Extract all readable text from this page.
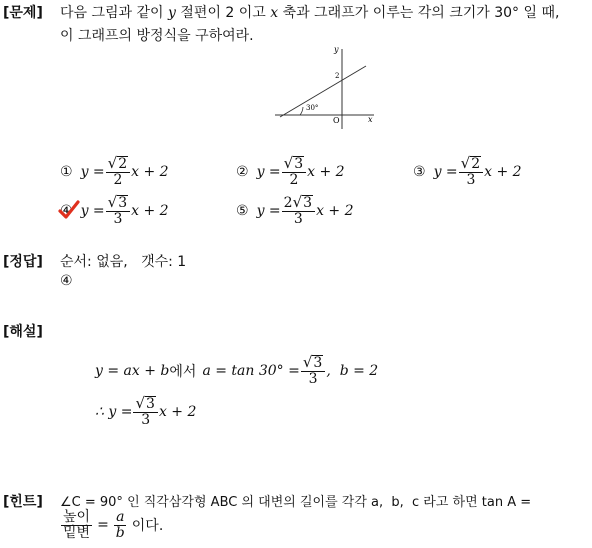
[문제] 다음 그림과 같이 y 절편이 2 이고 x 축과 그래프가 이루는 각의 크기가 30° 일 때,
이 그래프의 방정식을 구하여라.
y
x
O
2
30°
① $y = \frac{√ 2}{2}$ x + 2	② $y = \frac{√ 3}{2}$ x + 2	③ $y = \frac{√ 2}{3}$ x + 2
④ $y = \frac{√ 3}{3}$ x + 2	⑤ $y = \frac{2 √ 3}{3}$ x + 2
[정답] 순서: 없음,   갯수: 1
④
[해설]
y = ax + b 에서 $a = \tan 30^\circ = \frac{√ 3}{3}$ ,  b = 2
∴ $y = \frac{√ 3}{3}$ x + 2
[힌트] ∠C = 90° 인 직각삼각형 ABC 의 대변의 길이를 각각 a,  b,  c 라고 하면 tan A =
$\frac{\text{높이}}{\text{밑변}} = \frac{a}{b}$ 이다.
